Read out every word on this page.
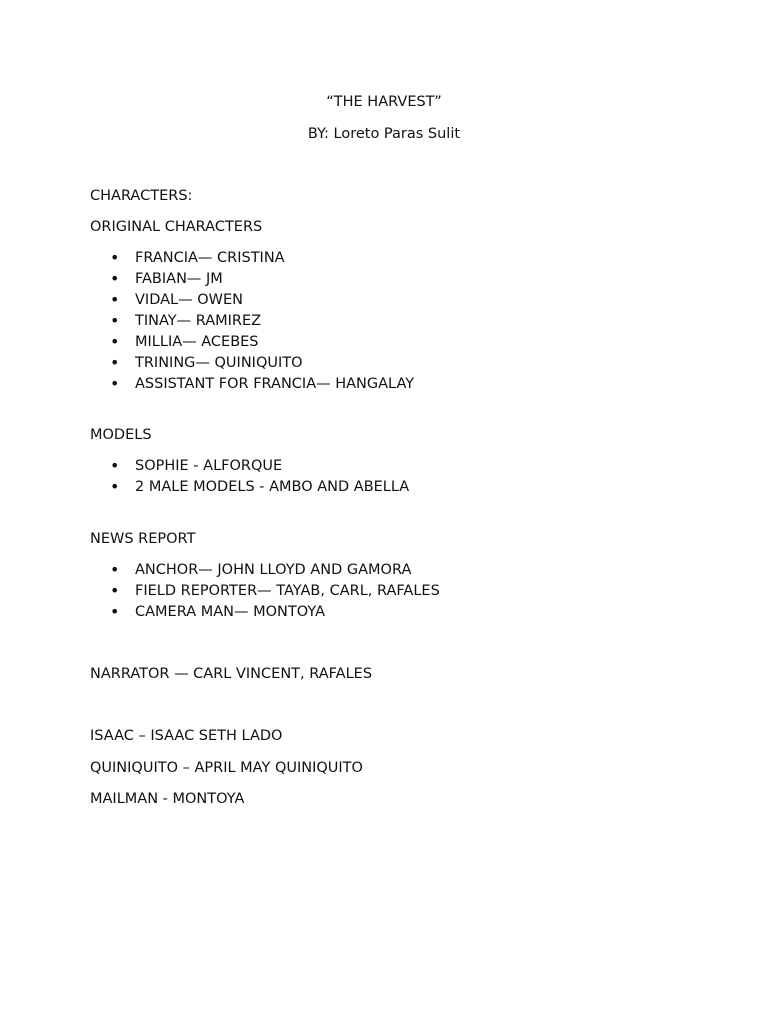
“THE HARVEST”
BY: Loreto Paras Sulit
CHARACTERS:
ORIGINAL CHARACTERS
• FRANCIA— CRISTINA
• FABIAN— JM
• VIDAL— OWEN
• TINAY— RAMIREZ
• MILLIA— ACEBES
• TRINING— QUINIQUITO
• ASSISTANT FOR FRANCIA— HANGALAY
MODELS
• SOPHIE - ALFORQUE
• 2 MALE MODELS - AMBO AND ABELLA
NEWS REPORT
• ANCHOR— JOHN LLOYD AND GAMORA
• FIELD REPORTER— TAYAB, CARL, RAFALES
• CAMERA MAN— MONTOYA
NARRATOR — CARL VINCENT, RAFALES
ISAAC – ISAAC SETH LADO
QUINIQUITO – APRIL MAY QUINIQUITO
MAILMAN - MONTOYA
